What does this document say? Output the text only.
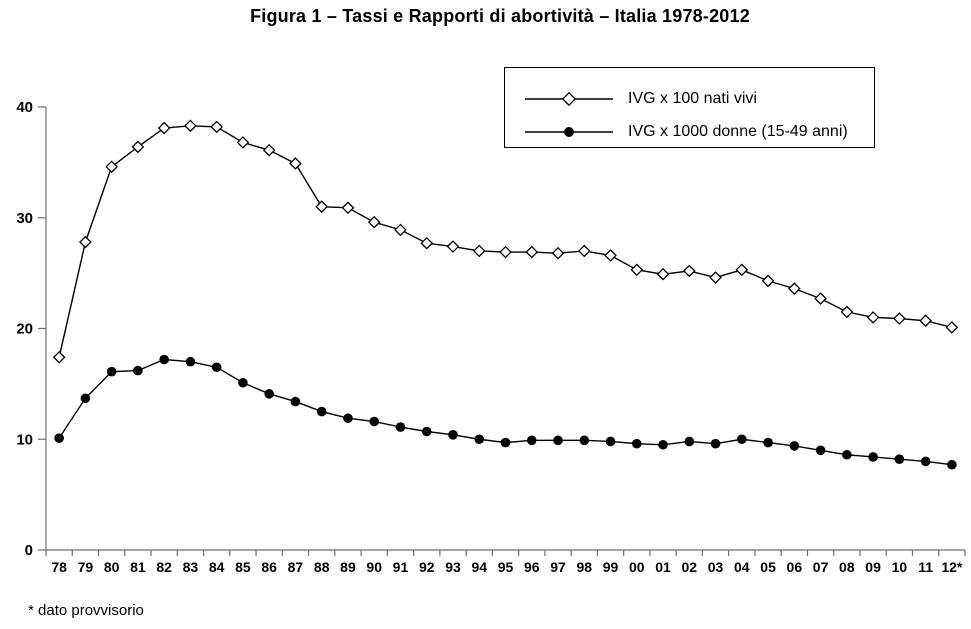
Figura 1 – Tassi e Rapporti di abortività – Italia 1978-2012
0
10
20
30
40
78 79 80 81 82 83 84 85 86 87 88 89 90 91 92 93 94 95 96 97 98 99 00 01 02 03 04 05 06 07 08 09 10 11 12*
IVG x 100 nati vivi
IVG x 1000 donne (15-49 anni)
* dato provvisorio
